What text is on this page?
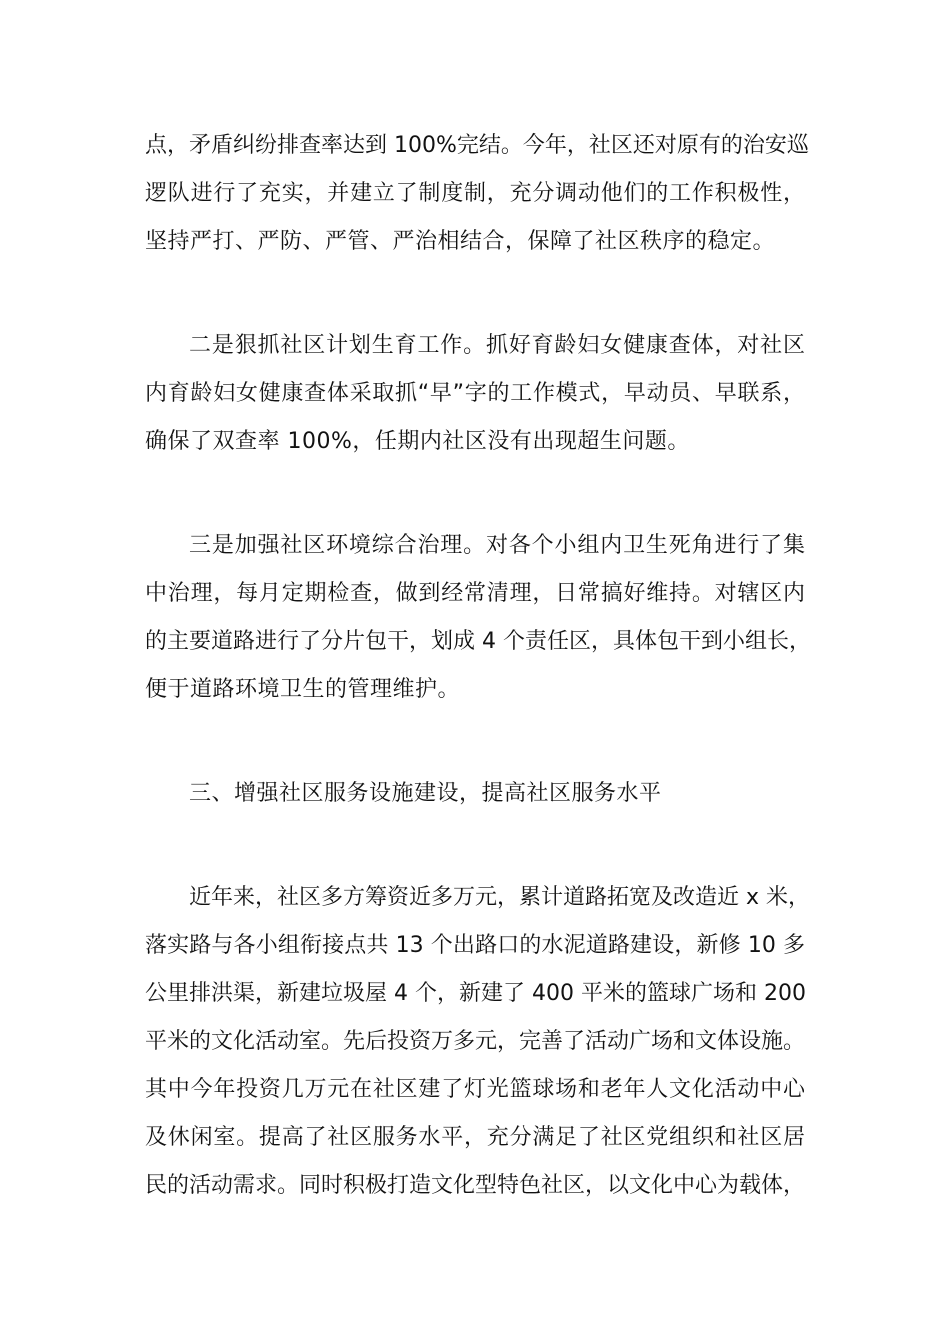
点，矛盾纠纷排查率达到 100%完结。今年，社区还对原有的治安巡
逻队进行了充实，并建立了制度制，充分调动他们的工作积极性，
坚持严打、严防、严管、严治相结合，保障了社区秩序的稳定。
二是狠抓社区计划生育工作。抓好育龄妇女健康查体，对社区
内育龄妇女健康查体采取抓“早”字的工作模式，早动员、早联系，
确保了双查率 100%，任期内社区没有出现超生问题。
三是加强社区环境综合治理。对各个小组内卫生死角进行了集
中治理，每月定期检查，做到经常清理，日常搞好维持。对辖区内
的主要道路进行了分片包干，划成 4 个责任区，具体包干到小组长，
便于道路环境卫生的管理维护。
三、增强社区服务设施建设，提高社区服务水平
近年来，社区多方筹资近多万元，累计道路拓宽及改造近 x 米，
落实路与各小组衔接点共 13 个出路口的水泥道路建设，新修 10 多
公里排洪渠，新建垃圾屋 4 个，新建了 400 平米的篮球广场和 200
平米的文化活动室。先后投资万多元，完善了活动广场和文体设施。
其中今年投资几万元在社区建了灯光篮球场和老年人文化活动中心
及休闲室。提高了社区服务水平，充分满足了社区党组织和社区居
民的活动需求。同时积极打造文化型特色社区，以文化中心为载体，
